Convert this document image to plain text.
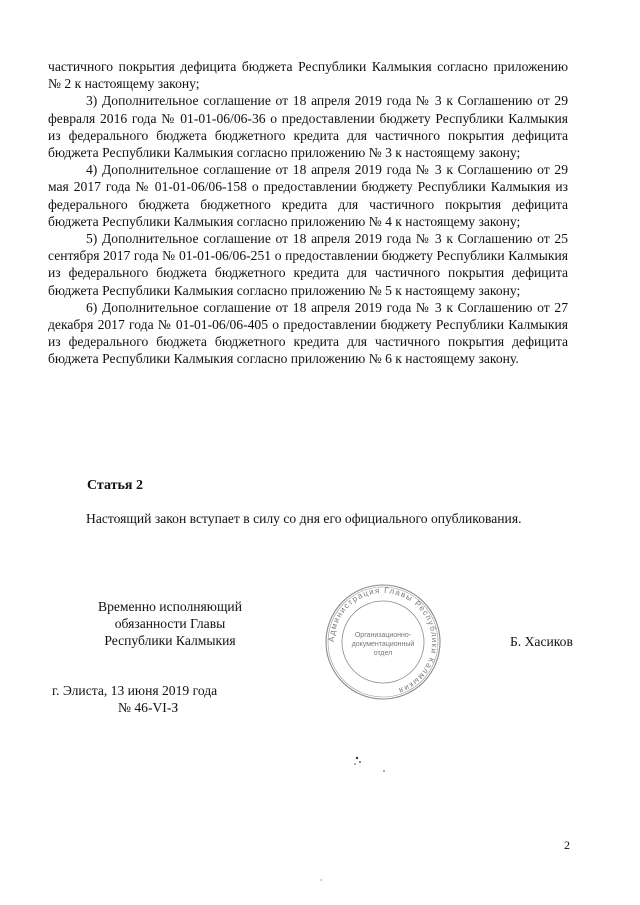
частичного покрытия дефицита бюджета Республики Калмыкия согласно приложению № 2 к настоящему закону;

3) Дополнительное соглашение от 18 апреля 2019 года № 3 к Соглашению от 29 февраля 2016 года № 01-01-06/06-36 о предоставлении бюджету Республики Калмыкия из федерального бюджета бюджетного кредита для частичного покрытия дефицита бюджета Республики Калмыкия согласно приложению № 3 к настоящему закону;

4) Дополнительное соглашение от 18 апреля 2019 года № 3 к Соглашению от 29 мая 2017 года № 01-01-06/06-158 о предоставлении бюджету Республики Калмыкия из федерального бюджета бюджетного кредита для частичного покрытия дефицита бюджета Республики Калмыкия согласно приложению № 4 к настоящему закону;

5) Дополнительное соглашение от 18 апреля 2019 года № 3 к Соглашению от 25 сентября 2017 года № 01-01-06/06-251 о предоставлении бюджету Республики Калмыкия из федерального бюджета бюджетного кредита для частичного покрытия дефицита бюджета Республики Калмыкия согласно приложению № 5 к настоящему закону;

6) Дополнительное соглашение от 18 апреля 2019 года № 3 к Соглашению от 27 декабря 2017 года № 01-01-06/06-405 о предоставлении бюджету Республики Калмыкия из федерального бюджета бюджетного кредита для частичного покрытия дефицита бюджета Республики Калмыкия согласно приложению № 6 к настоящему закону.

Статья 2
Настоящий закон вступает в силу со дня его официального опубликования.
Временно исполняющий
обязанности Главы
Республики Калмыкия	Администрация Главы Республики Калмыкия
Организационно-
документационный
отдел
Б. Хасиков
г. Элиста, 13 июня 2019 года
№ 46-VI-З
2
